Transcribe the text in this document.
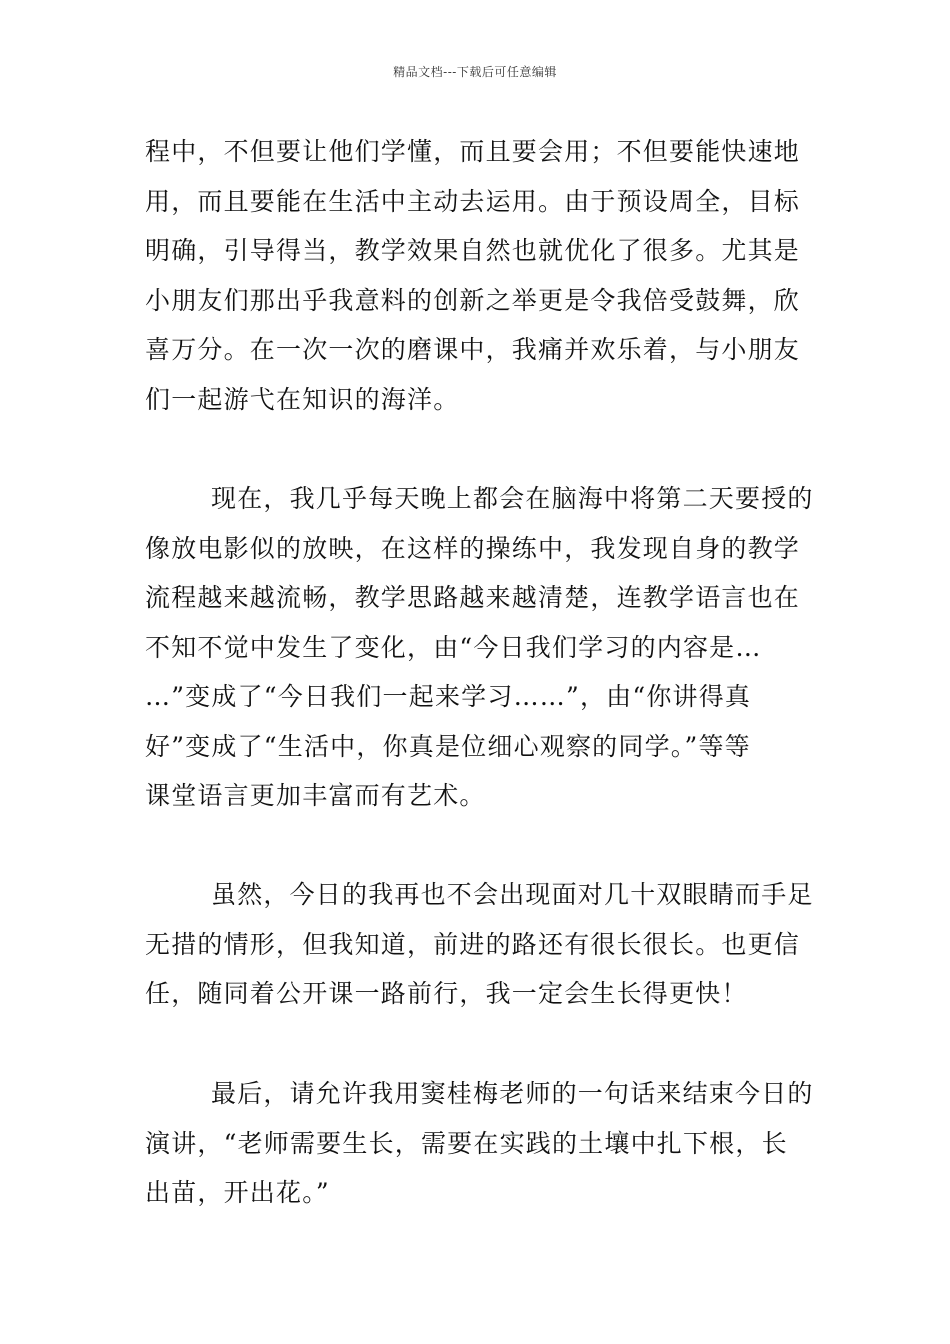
精品文档---下载后可任意编辑
程中，不但要让他们学懂，而且要会用；不但要能快速地
用，而且要能在生活中主动去运用。由于预设周全，目标
明确，引导得当，教学效果自然也就优化了很多。尤其是
小朋友们那出乎我意料的创新之举更是令我倍受鼓舞，欣
喜万分。在一次一次的磨课中，我痛并欢乐着，与小朋友
们一起游弋在知识的海洋。
现在，我几乎每天晚上都会在脑海中将第二天要授的
像放电影似的放映，在这样的操练中，我发现自身的教学
流程越来越流畅，教学思路越来越清楚，连教学语言也在
不知不觉中发生了变化，由“今日我们学习的内容是…
…”变成了“今日我们一起来学习……”，由“你讲得真
好”变成了“生活中，你真是位细心观察的同学。”等等
课堂语言更加丰富而有艺术。
虽然，今日的我再也不会出现面对几十双眼睛而手足
无措的情形，但我知道，前进的路还有很长很长。也更信
任，随同着公开课一路前行，我一定会生长得更快！
最后，请允许我用窦桂梅老师的一句话来结束今日的
演讲，“老师需要生长，需要在实践的土壤中扎下根，长
出苗，开出花。”
